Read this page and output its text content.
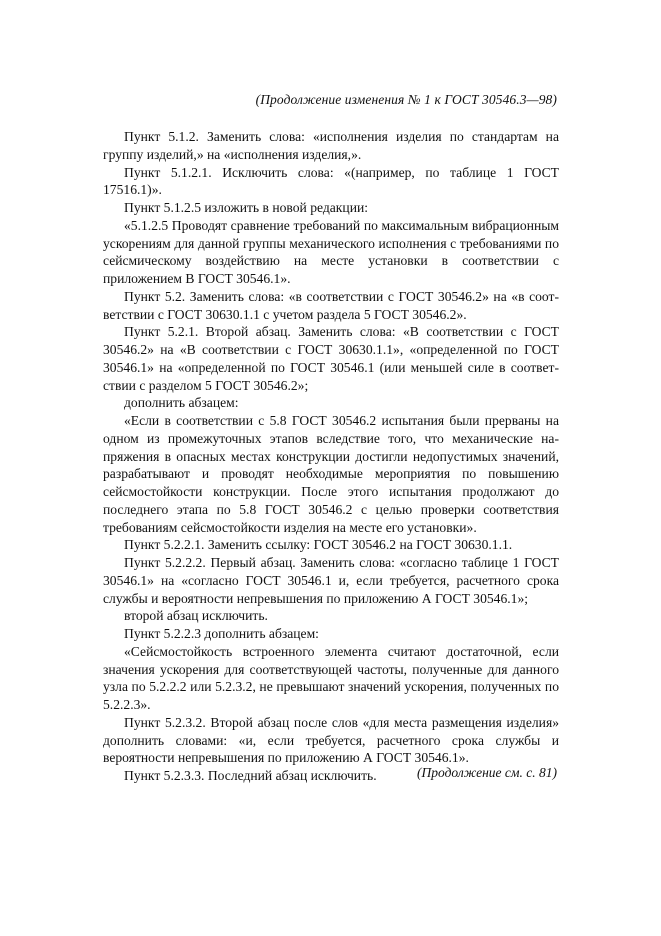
(Продолжение изменения № 1 к ГОСТ 30546.3—98)

Пункт 5.1.2. Заменить слова: «исполнения изделия по стандартам на группу изделий,» на «исполнения изделия,».

Пункт 5.1.2.1. Исключить слова: «(например, по таблице 1 ГОСТ 17516.1)».

Пункт 5.1.2.5 изложить в новой редакции:

«5.1.2.5 Проводят сравнение требований по максимальным вибрационным ускорениям для данной группы механического исполнения с требованиями по сейсмическому воздействию на месте установки в соответствии с приложением В ГОСТ 30546.1».

Пункт 5.2. Заменить слова: «в соответствии с ГОСТ 30546.2» на «в соответствии с ГОСТ 30630.1.1 с учетом раздела 5 ГОСТ 30546.2».

Пункт 5.2.1. Второй абзац. Заменить слова: «В соответствии с ГОСТ 30546.2» на «В соответствии с ГОСТ 30630.1.1», «определенной по ГОСТ 30546.1» на «определенной по ГОСТ 30546.1 (или меньшей силе в соответствии с разделом 5 ГОСТ 30546.2»;

дополнить абзацем:

«Если в соответствии с 5.8 ГОСТ 30546.2 испытания были прерваны на одном из промежуточных этапов вследствие того, что механические напряжения в опасных местах конструкции достигли недопустимых значений, разрабатывают и проводят необходимые мероприятия по повышению сейсмостойкости конструкции. После этого испытания продолжают до последнего этапа по 5.8 ГОСТ 30546.2 с целью проверки соответствия требованиям сейсмостойкости изделия на месте его установки».

Пункт 5.2.2.1. Заменить ссылку: ГОСТ 30546.2 на ГОСТ 30630.1.1.

Пункт 5.2.2.2. Первый абзац. Заменить слова: «согласно таблице 1 ГОСТ 30546.1» на «согласно ГОСТ 30546.1 и, если требуется, расчетного срока службы и вероятности непревышения по приложению А ГОСТ 30546.1»;

второй абзац исключить.

Пункт 5.2.2.3 дополнить абзацем:

«Сейсмостойкость встроенного элемента считают достаточной, если значения ускорения для соответствующей частоты, полученные для данного узла по 5.2.2.2 или 5.2.3.2, не превышают значений ускорения, полученных по 5.2.2.3».

Пункт 5.2.3.2. Второй абзац после слов «для места размещения изделия» дополнить словами: «и, если требуется, расчетного срока службы и вероятности непревышения по приложению А ГОСТ 30546.1».

Пункт 5.2.3.3. Последний абзац исключить.	(Продолжение см. с. 81)
